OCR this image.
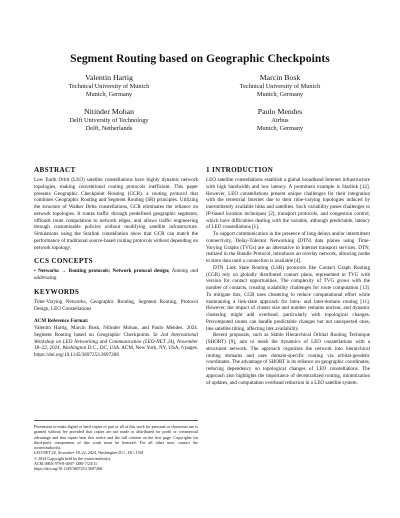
Segment Routing based on Geographic Checkpoints
Valentin Hartig
Technical University of Munich
Munich, Germany
Marcin Bosk
Technical University of Munich
Munich, Germany
Nitinder Mohan
Delft University of Technology
Delft, Netherlands
Paulo Mendes
Airbus
Munich, Germany
ABSTRACT

Low Earth Orbit (LEO) satellite constellations have highly dynamic network topologies, making conventional routing protocols inefficient. This paper presents Geographic Checkpoint Routing (GCR), a routing protocol that combines Geographic Routing and Segment Routing (SR) principles. Utilizing the structure of Walker Delta constellations, GCR eliminates the reliance on network topologies. It routes traffic through predefined geographic segments, offloads route computation to network edges, and allows traffic engineering through customizable policies without modifying satellite infrastructure. Simulations using the Starlink constellation show that GCR can match the performance of traditional source-based routing protocols without depending on network topology.

CCS CONCEPTS

• Networks → Routing protocols; Network protocol design; Naming and addressing.

KEYWORDS

Time-Varying Networks, Geographic Routing, Segment Routing, Protocol Design, LEO Constellations

ACM Reference Format:

Valentin Hartig, Marcin Bosk, Nitinder Mohan, and Paulo Mendes. 2024. Segment Routing based on Geographic Checkpoints. In 2nd International Workshop on LEO Networking and Communication (LEO-NET 24), November 18–22, 2024, Washington D.C., DC, USA. ACM, New York, NY, USA, 6 pages. https://doi.org/10.1145/3697253.3697268

Permission to make digital or hard copies of part or all of this work for personal or classroom use is granted without fee provided that copies are not made or distributed for profit or commercial advantage and that copies bear this notice and the full citation on the first page. Copyrights for third-party components of this work must be honored. For all other uses, contact the owner/author(s).

LEO-NET 24, November 18–22, 2024, Washington D.C., DC, USA

© 2024 Copyright held by the owner/author(s).

ACM ISBN 979-8-4007-1280-7/24/11.

https://doi.org/10.1145/3697253.3697268

1 INTRODUCTION

LEO satellite constellations establish a global broadband Internet infrastructure with high bandwidth and low latency. A prominent example is Starlink [12]. However, LEO constellations present unique challenges for their integration with the terrestrial Internet due to their time-varying topologies induced by intermittently available links and satellites. Such variability poses challenges to IP-based location techniques [2], transport protocols, and congestion control, which have difficulties dealing with the variable, although predictable, latency of LEO constellations [1].

To support communication in the presence of long delays and/or intermittent connectivity, Delay-Tolerant Networking (DTN) data planes using Time-Varying Graphs (TVGs) are an alternative to Internet transport services. DTN, realized in the Bundle Protocol, introduces an overlay network, allowing nodes to store data until a connection is available [4].

DTN Link State Routing (LSR) protocols like Contact Graph Routing (CGR) rely on globally distributed contact plans, represented in TVG with version for contact opportunities. The complexity of TVG grows with the number of contacts, creating scalability challenges for route computation [13]. To mitigate this, CGR uses clustering to reduce computational effort while maintaining a link-state approach for intra- and inter-domain routing [11]. However, the impact of cluster size and number remains unclear, and dynamic clustering might add overhead, particularly with topological changes. Precomputed routes can handle predictable changes but not unexpected ones, like satellite tilting, affecting link availability.

Recent proposals, such as Stable Hierarchical Orbital Routing Technique (SHORT) [9], aim to mesh the dynamics of LEO constellations with a structured network. The approach organizes the network into hierarchical routing domains and uses domain-specific routing via orbital-geodetic coordinates. The advantage of SHORT is its reliance on geographic coordinates, reducing dependency on topological changes of LEO constellations. The approach also highlights the importance of decentralized routing, minimization of updates, and computation overhead reduction in a LEO satellite system.
